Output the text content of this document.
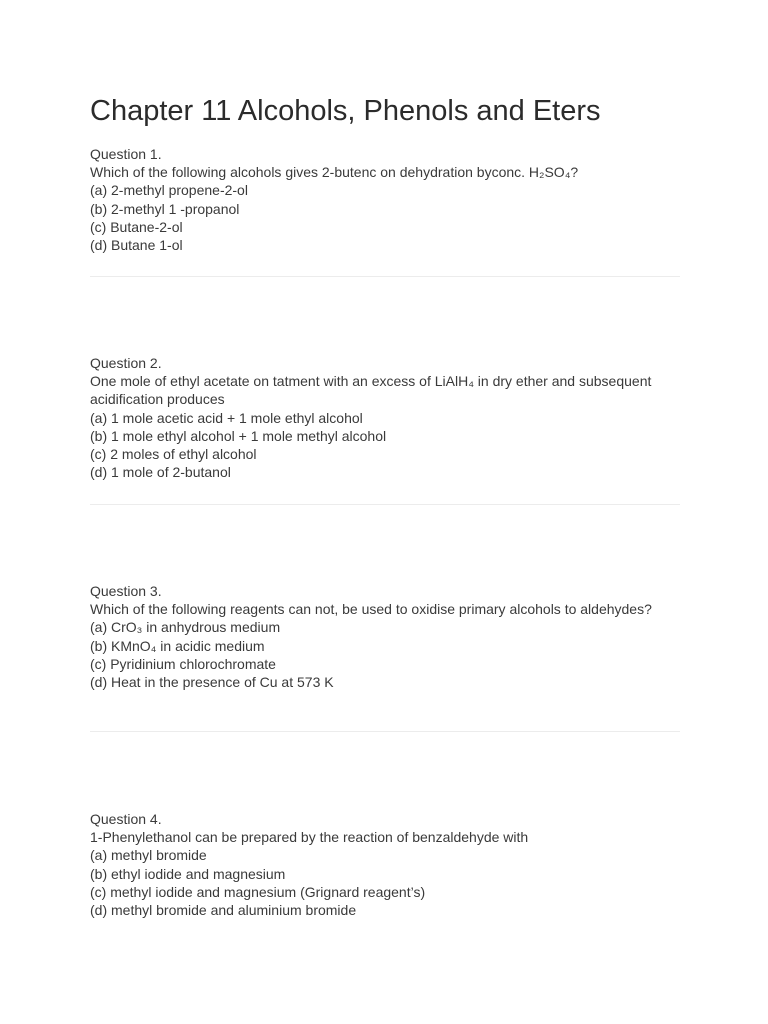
Chapter 11 Alcohols, Phenols and Eters
Question 1.
Which of the following alcohols gives 2-butenc on dehydration byconc. H₂SO₄?
(a) 2-methyl propene-2-ol
(b) 2-methyl 1 -propanol
(c) Butane-2-ol
(d) Butane 1-ol
Question 2.
One mole of ethyl acetate on tatment with an excess of LiAlH₄ in dry ether and subsequent acidification produces
(a) 1 mole acetic acid + 1 mole ethyl alcohol
(b) 1 mole ethyl alcohol + 1 mole methyl alcohol
(c) 2 moles of ethyl alcohol
(d) 1 mole of 2-butanol
Question 3.
Which of the following reagents can not, be used to oxidise primary alcohols to aldehydes?
(a) CrO₃ in anhydrous medium
(b) KMnO₄ in acidic medium
(c) Pyridinium chlorochromate
(d) Heat in the presence of Cu at 573 K
Question 4.
1-Phenylethanol can be prepared by the reaction of benzaldehyde with
(a) methyl bromide
(b) ethyl iodide and magnesium
(c) methyl iodide and magnesium (Grignard reagent’s)
(d) methyl bromide and aluminium bromide
